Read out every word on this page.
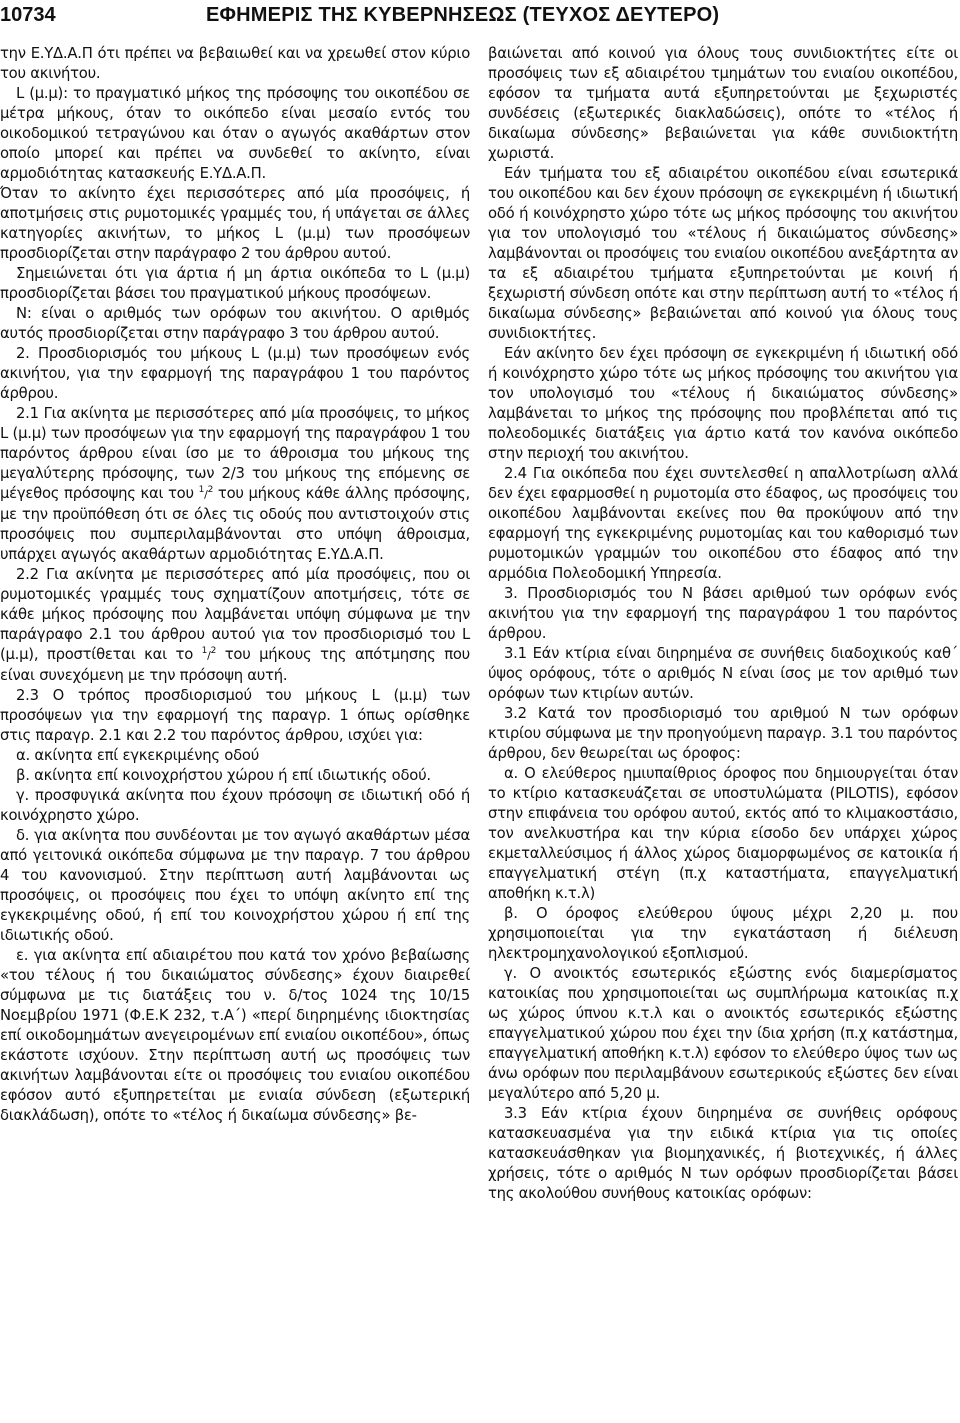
10734	ΕΦΗΜΕΡΙΣ ΤΗΣ ΚΥΒΕΡΝΗΣΕΩΣ (ΤΕΥΧΟΣ ΔΕΥΤΕΡΟ)

την Ε.ΥΔ.Α.Π ότι πρέπει να βεβαιωθεί και να χρεωθεί στον κύριο του ακινήτου.

L (μ.μ): το πραγματικό μήκος της πρόσοψης του οικοπέδου σε μέτρα μήκους, όταν το οικόπεδο είναι μεσαίο εντός του οικοδομικού τετραγώνου και όταν ο αγωγός ακαθάρτων στον οποίο μπορεί και πρέπει να συνδεθεί το ακίνητο, είναι αρμοδιότητας κατασκευής Ε.ΥΔ.Α.Π.

Όταν το ακίνητο έχει περισσότερες από μία προσόψεις, ή αποτμήσεις στις ρυμοτομικές γραμμές του, ή υπάγεται σε άλλες κατηγορίες ακινήτων, το μήκος L (μ.μ) των προσόψεων προσδιορίζεται στην παράγραφο 2 του άρθρου αυτού.

Σημειώνεται ότι για άρτια ή μη άρτια οικόπεδα το L (μ.μ) προσδιορίζεται βάσει του πραγματικού μήκους προσόψεων.

Ν: είναι ο αριθμός των ορόφων του ακινήτου. Ο αριθμός αυτός προσδιορίζεται στην παράγραφο 3 του άρθρου αυτού.

2. Προσδιορισμός του μήκους L (μ.μ) των προσόψεων ενός ακινήτου, για την εφαρμογή της παραγράφου 1 του παρόντος άρθρου.

2.1 Για ακίνητα με περισσότερες από μία προσόψεις, το μήκος L (μ.μ) των προσόψεων για την εφαρμογή της παραγράφου 1 του παρόντος άρθρου είναι ίσο με το άθροισμα του μήκους της μεγαλύτερης πρόσοψης, των 2/3 του μήκους της επόμενης σε μέγεθος πρόσοψης και του $^1$/$^2$ του μήκους κάθε άλλης πρόσοψης, με την προϋπόθεση ότι σε όλες τις οδούς που αντιστοιχούν στις προσόψεις που συμπεριλαμβάνονται στο υπόψη άθροισμα, υπάρχει αγωγός ακαθάρτων αρμοδιότητας Ε.ΥΔ.Α.Π.

2.2 Για ακίνητα με περισσότερες από μία προσόψεις, που οι ρυμοτομικές γραμμές τους σχηματίζουν αποτμήσεις, τότε σε κάθε μήκος πρόσοψης που λαμβάνεται υπόψη σύμφωνα με την παράγραφο 2.1 του άρθρου αυτού για τον προσδιορισμό του L (μ.μ), προστίθεται και το $^1$/$^2$ του μήκους της απότμησης που είναι συνεχόμενη με την πρόσοψη αυτή.

2.3 Ο τρόπος προσδιορισμού του μήκους L (μ.μ) των προσόψεων για την εφαρμογή της παραγρ. 1 όπως ορίσθηκε στις παραγρ. 2.1 και 2.2 του παρόντος άρθρου, ισχύει για:

α. ακίνητα επί εγκεκριμένης οδού

β. ακίνητα επί κοινοχρήστου χώρου ή επί ιδιωτικής οδού.

γ. προσφυγικά ακίνητα που έχουν πρόσοψη σε ιδιωτική οδό ή κοινόχρηστο χώρο.

δ. για ακίνητα που συνδέονται με τον αγωγό ακαθάρτων μέσα από γειτονικά οικόπεδα σύμφωνα με την παραγρ. 7 του άρθρου 4 του κανονισμού. Στην περίπτωση αυτή λαμβάνονται ως προσόψεις, οι προσόψεις που έχει το υπόψη ακίνητο επί της εγκεκριμένης οδού, ή επί του κοινοχρήστου χώρου ή επί της ιδιωτικής οδού.

ε. για ακίνητα επί αδιαιρέτου που κατά τον χρόνο βεβαίωσης «του τέλους ή του δικαιώματος σύνδεσης» έχουν διαιρεθεί σύμφωνα με τις διατάξεις του ν. δ/τος 1024 της 10/15 Νοεμβρίου 1971 (Φ.Ε.Κ 232, τ.Α΄) «περί διηρημένης ιδιοκτησίας επί οικοδομημάτων ανεγειρομένων επί ενιαίου οικοπέδου», όπως εκάστοτε ισχύουν. Στην περίπτωση αυτή ως προσόψεις των ακινήτων λαμβάνονται είτε οι προσόψεις του ενιαίου οικοπέδου εφόσον αυτό εξυπηρετείται με ενιαία σύνδεση (εξωτερική διακλάδωση), οπότε το «τέλος ή δικαίωμα σύνδεσης» βε-

βαιώνεται από κοινού για όλους τους συνιδιοκτήτες είτε οι προσόψεις των εξ αδιαιρέτου τμημάτων του ενιαίου οικοπέδου, εφόσον τα τμήματα αυτά εξυπηρετούνται με ξεχωριστές συνδέσεις (εξωτερικές διακλαδώσεις), οπότε το «τέλος ή δικαίωμα σύνδεσης» βεβαιώνεται για κάθε συνιδιοκτήτη χωριστά.

Εάν τμήματα του εξ αδιαιρέτου οικοπέδου είναι εσωτερικά του οικοπέδου και δεν έχουν πρόσοψη σε εγκεκριμένη ή ιδιωτική οδό ή κοινόχρηστο χώρο τότε ως μήκος πρόσοψης του ακινήτου για τον υπολογισμό του «τέλους ή δικαιώματος σύνδεσης» λαμβάνονται οι προσόψεις του ενιαίου οικοπέδου ανεξάρτητα αν τα εξ αδιαιρέτου τμήματα εξυπηρετούνται με κοινή ή ξεχωριστή σύνδεση οπότε και στην περίπτωση αυτή το «τέλος ή δικαίωμα σύνδεσης» βεβαιώνεται από κοινού για όλους τους συνιδιοκτήτες.

Εάν ακίνητο δεν έχει πρόσοψη σε εγκεκριμένη ή ιδιωτική οδό ή κοινόχρηστο χώρο τότε ως μήκος πρόσοψης του ακινήτου για τον υπολογισμό του «τέλους ή δικαιώματος σύνδεσης» λαμβάνεται το μήκος της πρόσοψης που προβλέπεται από τις πολεοδομικές διατάξεις για άρτιο κατά τον κανόνα οικόπεδο στην περιοχή του ακινήτου.

2.4 Για οικόπεδα που έχει συντελεσθεί η απαλλοτρίωση αλλά δεν έχει εφαρμοσθεί η ρυμοτομία στο έδαφος, ως προσόψεις του οικοπέδου λαμβάνονται εκείνες που θα προκύψουν από την εφαρμογή της εγκεκριμένης ρυμοτομίας και του καθορισμό των ρυμοτομικών γραμμών του οικοπέδου στο έδαφος από την αρμόδια Πολεοδομική Υπηρεσία.

3. Προσδιορισμός του Ν βάσει αριθμού των ορόφων ενός ακινήτου για την εφαρμογή της παραγράφου 1 του παρόντος άρθρου.

3.1 Εάν κτίρια είναι διηρημένα σε συνήθεις διαδοχικούς καθ΄ ύψος ορόφους, τότε ο αριθμός Ν είναι ίσος με τον αριθμό των ορόφων των κτιρίων αυτών.

3.2 Κατά τον προσδιορισμό του αριθμού Ν των ορόφων κτιρίου σύμφωνα με την προηγούμενη παραγρ. 3.1 του παρόντος άρθρου, δεν θεωρείται ως όροφος:

α. Ο ελεύθερος ημιυπαίθριος όροφος που δημιουργείται όταν το κτίριο κατασκευάζεται σε υποστυλώματα (PILOTIS), εφόσον στην επιφάνεια του ορόφου αυτού, εκτός από το κλιμακοστάσιο, τον ανελκυστήρα και την κύρια είσοδο δεν υπάρχει χώρος εκμεταλλεύσιμος ή άλλος χώρος διαμορφωμένος σε κατοικία ή επαγγελματική στέγη (π.χ καταστήματα, επαγγελματική αποθήκη κ.τ.λ)

β. Ο όροφος ελεύθερου ύψους μέχρι 2,20 μ. που χρησιμοποιείται για την εγκατάσταση ή διέλευση ηλεκτρομηχανολογικού εξοπλισμού.

γ. Ο ανοικτός εσωτερικός εξώστης ενός διαμερίσματος κατοικίας που χρησιμοποιείται ως συμπλήρωμα κατοικίας π.χ ως χώρος ύπνου κ.τ.λ και ο ανοικτός εσωτερικός εξώστης επαγγελματικού χώρου που έχει την ίδια χρήση (π.χ κατάστημα, επαγγελματική αποθήκη κ.τ.λ) εφόσον το ελεύθερο ύψος των ως άνω ορόφων που περιλαμβάνουν εσωτερικούς εξώστες δεν είναι μεγαλύτερο από 5,20 μ.

3.3 Εάν κτίρια έχουν διηρημένα σε συνήθεις ορόφους κατασκευασμένα για την ειδικά κτίρια για τις οποίες κατασκευάσθηκαν για βιομηχανικές, ή βιοτεχνικές, ή άλλες χρήσεις, τότε ο αριθμός Ν των ορόφων προσδιορίζεται βάσει της ακολούθου συνήθους κατοικίας ορόφων:
